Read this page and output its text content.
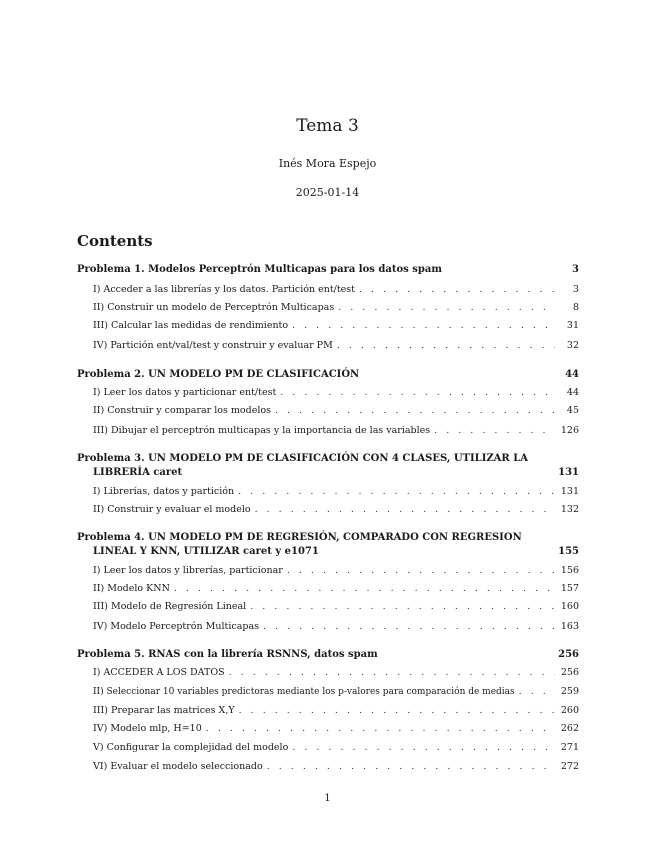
Tema 3
Inés Mora Espejo
2025-01-14
Contents
Problema 1. Modelos Perceptrón Multicapas para los datos spam	3
I) Acceder a las librerías y los datos. Partición ent/test . . .	3
II) Construir un modelo de Perceptrón Multicapas . . .	8
III) Calcular las medidas de rendimiento . . .	31
IV) Partición ent/val/test y construir y evaluar PM . . .	32
Problema 2. UN MODELO PM DE CLASIFICACIÓN	44
I) Leer los datos y particionar ent/test . . .	44
II) Construir y comparar los modelos . . .	45
III) Dibujar el perceptrón multicapas y la importancia de las variables . . .	126
Problema 3. UN MODELO PM DE CLASIFICACIÓN CON 4 CLASES, UTILIZAR LA
LIBRERÍA caret	131
I) Librerías, datos y partición . . .	131
II) Construir y evaluar el modelo . . .	132
Problema 4. UN MODELO PM DE REGRESIÓN, COMPARADO CON REGRESION
LINEAL Y KNN, UTILIZAR caret y e1071	155
I) Leer los datos y librerías, particionar . . .	156
II) Modelo KNN . . .	157
III) Modelo de Regresión Lineal . . .	160
IV) Modelo Perceptrón Multicapas . . .	163
Problema 5. RNAS con la librería RSNNS, datos spam	256
I) ACCEDER A LOS DATOS . . .	256
II) Seleccionar 10 variables predictoras mediante los p-valores para comparación de medias . . .	259
III) Preparar las matrices X,Y . . .	260
IV) Modelo mlp, H=10 . . .	262
V) Configurar la complejidad del modelo . . .	271
VI) Evaluar el modelo seleccionado . . .	272
1
